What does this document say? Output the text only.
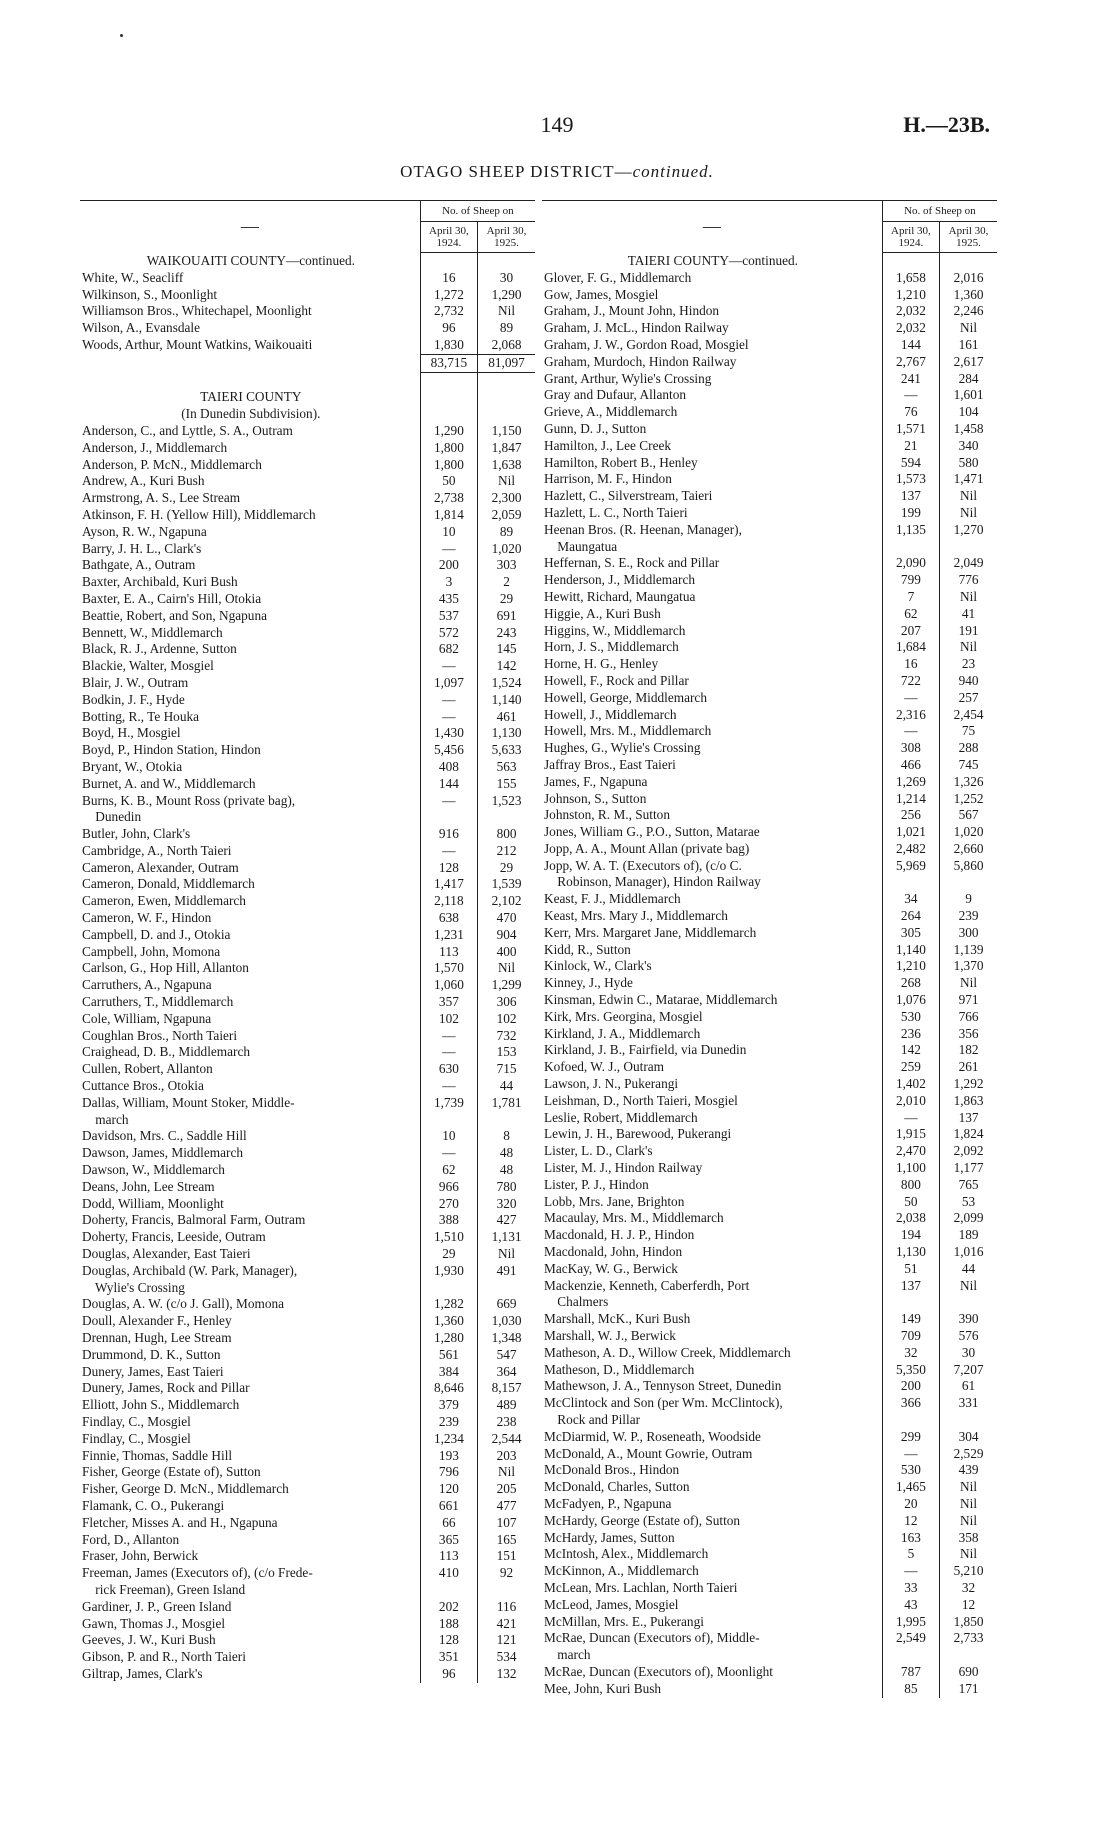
149	H.—23B.
OTAGO SHEEP DISTRICT—continued.

—	No. of Sheep on	
	April 30, 1924.	April 30, 1925.
WAIKOUAITI COUNTY—continued.		
White, W., Seacliff	16	30
Wilkinson, S., Moonlight	1,272	1,290
Williamson Bros., Whitechapel, Moonlight	2,732	Nil
Wilson, A., Evansdale	96	89
Woods, Arthur, Mount Watkins, Waikouaiti	1,830	2,068
	83,715	81,097

TAIERI COUNTY		
(In Dunedin Subdivision).		
Anderson, C., and Lyttle, S. A., Outram	1,290	1,150
Anderson, J., Middlemarch	1,800	1,847
Anderson, P. McN., Middlemarch	1,800	1,638
Andrew, A., Kuri Bush	50	Nil
Armstrong, A. S., Lee Stream	2,738	2,300
Atkinson, F. H. (Yellow Hill), Middlemarch	1,814	2,059
Ayson, R. W., Ngapuna	10	89
Barry, J. H. L., Clark's	—	1,020
Bathgate, A., Outram	200	303
Baxter, Archibald, Kuri Bush	3	2
Baxter, E. A., Cairn's Hill, Otokia	435	29
Beattie, Robert, and Son, Ngapuna	537	691
Bennett, W., Middlemarch	572	243
Black, R. J., Ardenne, Sutton	682	145
Blackie, Walter, Mosgiel	—	142
Blair, J. W., Outram	1,097	1,524
Bodkin, J. F., Hyde	—	1,140
Botting, R., Te Houka	—	461
Boyd, H., Mosgiel	1,430	1,130
Boyd, P., Hindon Station, Hindon	5,456	5,633
Bryant, W., Otokia	408	563
Burnet, A. and W., Middlemarch	144	155
Burns, K. B., Mount Ross (private bag),	—	1,523
Dunedin		
Butler, John, Clark's	916	800
Cambridge, A., North Taieri	—	212
Cameron, Alexander, Outram	128	29
Cameron, Donald, Middlemarch	1,417	1,539
Cameron, Ewen, Middlemarch	2,118	2,102
Cameron, W. F., Hindon	638	470
Campbell, D. and J., Otokia	1,231	904
Campbell, John, Momona	113	400
Carlson, G., Hop Hill, Allanton	1,570	Nil
Carruthers, A., Ngapuna	1,060	1,299
Carruthers, T., Middlemarch	357	306
Cole, William, Ngapuna	102	102
Coughlan Bros., North Taieri	—	732
Craighead, D. B., Middlemarch	—	153
Cullen, Robert, Allanton	630	715
Cuttance Bros., Otokia	—	44
Dallas, William, Mount Stoker, Middle-	1,739	1,781
march		
Davidson, Mrs. C., Saddle Hill	10	8
Dawson, James, Middlemarch	—	48
Dawson, W., Middlemarch	62	48
Deans, John, Lee Stream	966	780
Dodd, William, Moonlight	270	320
Doherty, Francis, Balmoral Farm, Outram	388	427
Doherty, Francis, Leeside, Outram	1,510	1,131
Douglas, Alexander, East Taieri	29	Nil
Douglas, Archibald (W. Park, Manager),	1,930	491
Wylie's Crossing		
Douglas, A. W. (c/o J. Gall), Momona	1,282	669
Doull, Alexander F., Henley	1,360	1,030
Drennan, Hugh, Lee Stream	1,280	1,348
Drummond, D. K., Sutton	561	547
Dunery, James, East Taieri	384	364
Dunery, James, Rock and Pillar	8,646	8,157
Elliott, John S., Middlemarch	379	489
Findlay, C., Mosgiel	239	238
Findlay, C., Mosgiel	1,234	2,544
Finnie, Thomas, Saddle Hill	193	203
Fisher, George (Estate of), Sutton	796	Nil
Fisher, George D. McN., Middlemarch	120	205
Flamank, C. O., Pukerangi	661	477
Fletcher, Misses A. and H., Ngapuna	66	107
Ford, D., Allanton	365	165
Fraser, John, Berwick	113	151
Freeman, James (Executors of), (c/o Frede-	410	92
rick Freeman), Green Island		
Gardiner, J. P., Green Island	202	116
Gawn, Thomas J., Mosgiel	188	421
Geeves, J. W., Kuri Bush	128	121
Gibson, P. and R., North Taieri	351	534
Giltrap, James, Clark's	96	132

—	No. of Sheep on	
	April 30, 1924.	April 30, 1925.
TAIERI COUNTY—continued.		
Glover, F. G., Middlemarch	1,658	2,016
Gow, James, Mosgiel	1,210	1,360
Graham, J., Mount John, Hindon	2,032	2,246
Graham, J. McL., Hindon Railway	2,032	Nil
Graham, J. W., Gordon Road, Mosgiel	144	161
Graham, Murdoch, Hindon Railway	2,767	2,617
Grant, Arthur, Wylie's Crossing	241	284
Gray and Dufaur, Allanton	—	1,601
Grieve, A., Middlemarch	76	104
Gunn, D. J., Sutton	1,571	1,458
Hamilton, J., Lee Creek	21	340
Hamilton, Robert B., Henley	594	580
Harrison, M. F., Hindon	1,573	1,471
Hazlett, C., Silverstream, Taieri	137	Nil
Hazlett, L. C., North Taieri	199	Nil
Heenan Bros. (R. Heenan, Manager),	1,135	1,270
Maungatua		
Heffernan, S. E., Rock and Pillar	2,090	2,049
Henderson, J., Middlemarch	799	776
Hewitt, Richard, Maungatua	7	Nil
Higgie, A., Kuri Bush	62	41
Higgins, W., Middlemarch	207	191
Horn, J. S., Middlemarch	1,684	Nil
Horne, H. G., Henley	16	23
Howell, F., Rock and Pillar	722	940
Howell, George, Middlemarch	—	257
Howell, J., Middlemarch	2,316	2,454
Howell, Mrs. M., Middlemarch	—	75
Hughes, G., Wylie's Crossing	308	288
Jaffray Bros., East Taieri	466	745
James, F., Ngapuna	1,269	1,326
Johnson, S., Sutton	1,214	1,252
Johnston, R. M., Sutton	256	567
Jones, William G., P.O., Sutton, Matarae	1,021	1,020
Jopp, A. A., Mount Allan (private bag)	2,482	2,660
Jopp, W. A. T. (Executors of), (c/o C.	5,969	5,860
Robinson, Manager), Hindon Railway		
Keast, F. J., Middlemarch	34	9
Keast, Mrs. Mary J., Middlemarch	264	239
Kerr, Mrs. Margaret Jane, Middlemarch	305	300
Kidd, R., Sutton	1,140	1,139
Kinlock, W., Clark's	1,210	1,370
Kinney, J., Hyde	268	Nil
Kinsman, Edwin C., Matarae, Middlemarch	1,076	971
Kirk, Mrs. Georgina, Mosgiel	530	766
Kirkland, J. A., Middlemarch	236	356
Kirkland, J. B., Fairfield, via Dunedin	142	182
Kofoed, W. J., Outram	259	261
Lawson, J. N., Pukerangi	1,402	1,292
Leishman, D., North Taieri, Mosgiel	2,010	1,863
Leslie, Robert, Middlemarch	—	137
Lewin, J. H., Barewood, Pukerangi	1,915	1,824
Lister, L. D., Clark's	2,470	2,092
Lister, M. J., Hindon Railway	1,100	1,177
Lister, P. J., Hindon	800	765
Lobb, Mrs. Jane, Brighton	50	53
Macaulay, Mrs. M., Middlemarch	2,038	2,099
Macdonald, H. J. P., Hindon	194	189
Macdonald, John, Hindon	1,130	1,016
MacKay, W. G., Berwick	51	44
Mackenzie, Kenneth, Caberferdh, Port	137	Nil
Chalmers		
Marshall, McK., Kuri Bush	149	390
Marshall, W. J., Berwick	709	576
Matheson, A. D., Willow Creek, Middlemarch	32	30
Matheson, D., Middlemarch	5,350	7,207
Mathewson, J. A., Tennyson Street, Dunedin	200	61
McClintock and Son (per Wm. McClintock),	366	331
Rock and Pillar		
McDiarmid, W. P., Roseneath, Woodside	299	304
McDonald, A., Mount Gowrie, Outram	—	2,529
McDonald Bros., Hindon	530	439
McDonald, Charles, Sutton	1,465	Nil
McFadyen, P., Ngapuna	20	Nil
McHardy, George (Estate of), Sutton	12	Nil
McHardy, James, Sutton	163	358
McIntosh, Alex., Middlemarch	5	Nil
McKinnon, A., Middlemarch	—	5,210
McLean, Mrs. Lachlan, North Taieri	33	32
McLeod, James, Mosgiel	43	12
McMillan, Mrs. E., Pukerangi	1,995	1,850
McRae, Duncan (Executors of), Middle-	2,549	2,733
march		
McRae, Duncan (Executors of), Moonlight	787	690
Mee, John, Kuri Bush	85	171
